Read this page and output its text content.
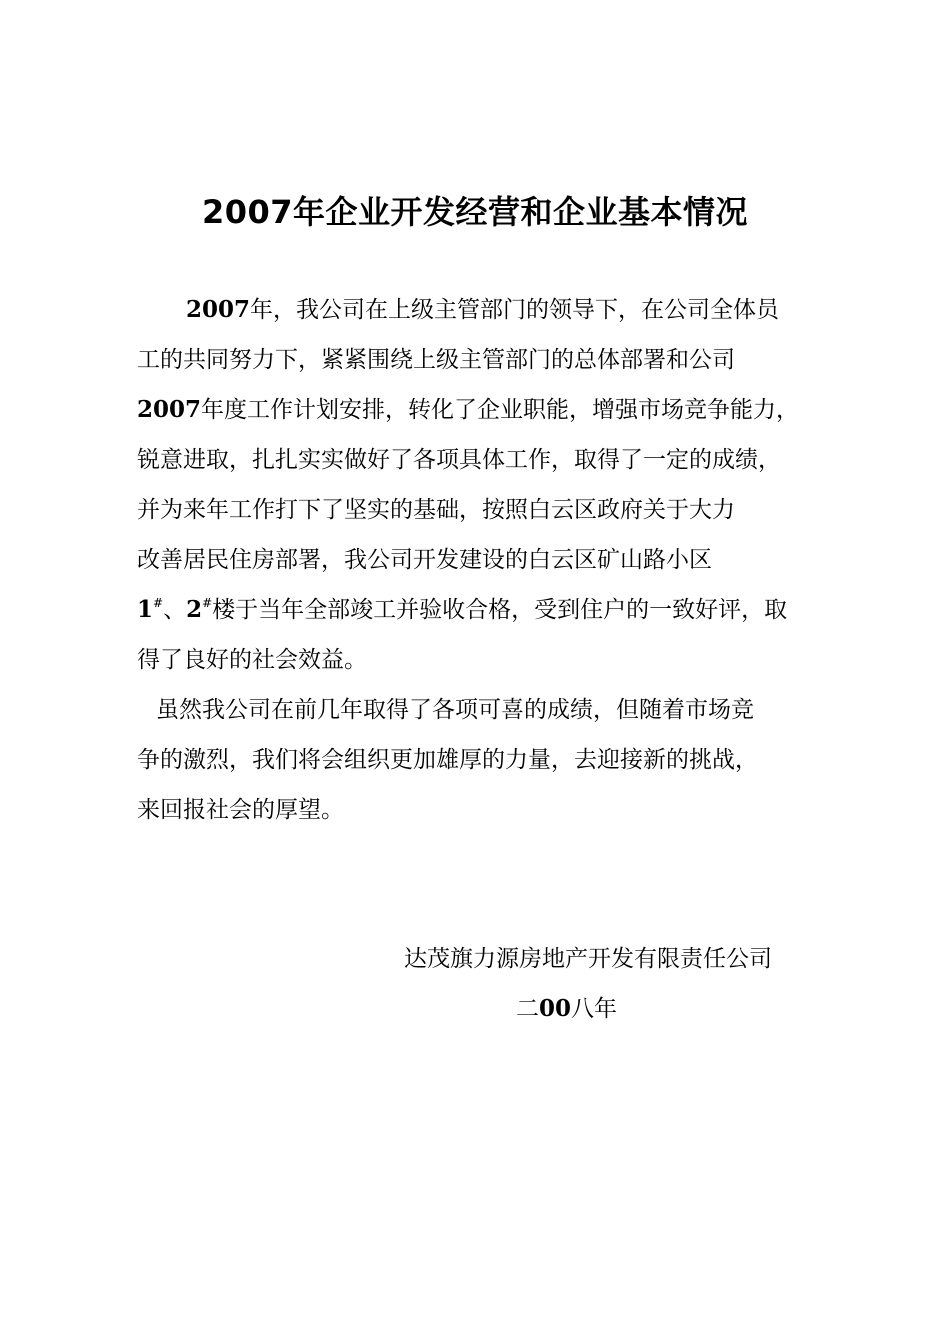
2007年企业开发经营和企业基本情况
2007年，我公司在上级主管部门的领导下，在公司全体员
工的共同努力下，紧紧围绕上级主管部门的总体部署和公司
2007年度工作计划安排，转化了企业职能，增强市场竞争能力，
锐意进取，扎扎实实做好了各项具体工作，取得了一定的成绩，
并为来年工作打下了坚实的基础，按照白云区政府关于大力
改善居民住房部署，我公司开发建设的白云区矿山路小区
1#、2#楼于当年全部竣工并验收合格，受到住户的一致好评，取
得了良好的社会效益。
虽然我公司在前几年取得了各项可喜的成绩，但随着市场竞
争的激烈，我们将会组织更加雄厚的力量，去迎接新的挑战，
来回报社会的厚望。
达茂旗力源房地产开发有限责任公司
二00八年
